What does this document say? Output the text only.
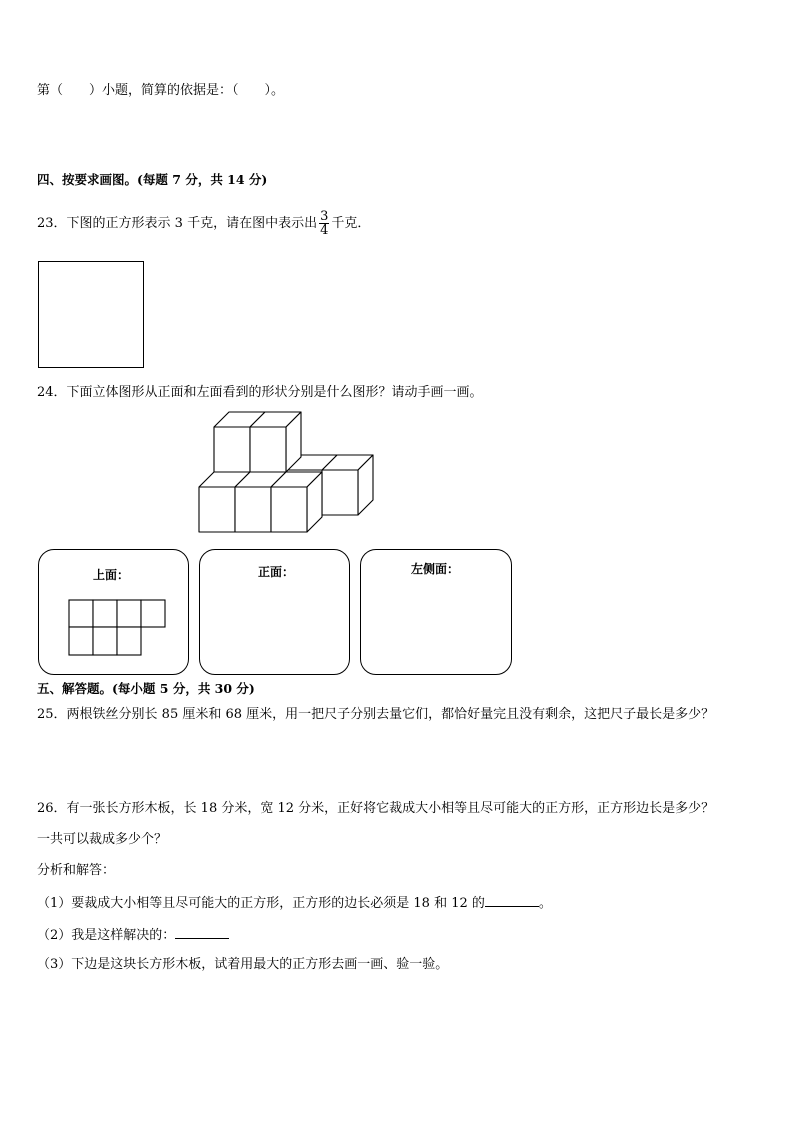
第（　　）小题，简算的依据是：（　　）。
四、按要求画图。(每题 7 分，共 14 分)
23．下图的正方形表示 3 千克，请在图中表示出 $\frac{3}{4}$ 千克．
24．下面立体图形从正面和左面看到的形状分别是什么图形？请动手画一画。
上面：	正面：	左侧面：
五、解答题。(每小题 5 分，共 30 分)
25．两根铁丝分别长 85 厘米和 68 厘米，用一把尺子分别去量它们，都恰好量完且没有剩余，这把尺子最长是多少？
26．有一张长方形木板，长 18 分米，宽 12 分米，正好将它裁成大小相等且尽可能大的正方形，正方形边长是多少？
一共可以裁成多少个？
分析和解答：
（1）要裁成大小相等且尽可能大的正方形，正方形的边长必须是 18 和 12 的	。
（2）我是这样解决的：
（3）下边是这块长方形木板，试着用最大的正方形去画一画、验一验。
